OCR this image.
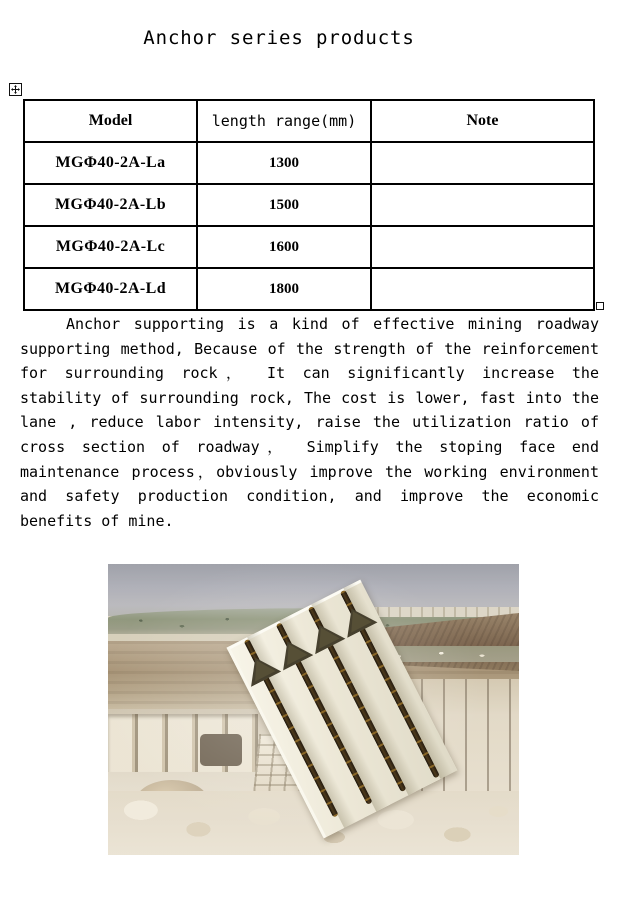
Anchor series products
Model	length range(mm)	Note
MGΦ40-2A-La	1300	
MGΦ40-2A-Lb	1500	
MGΦ40-2A-Lc	1600	
MGΦ40-2A-Ld	1800	
Anchor supporting is a kind of effective mining roadway
supporting method, Because of the strength of the reinforcement
for surrounding rock， It can significantly increase the
stability of surrounding rock, The cost is lower, fast into the
lane , reduce labor intensity, raise the utilization ratio of
cross section of roadway， Simplify the stoping face end
maintenance process，obviously improve the working environment
and safety production condition, and improve the economic
benefits of mine.
